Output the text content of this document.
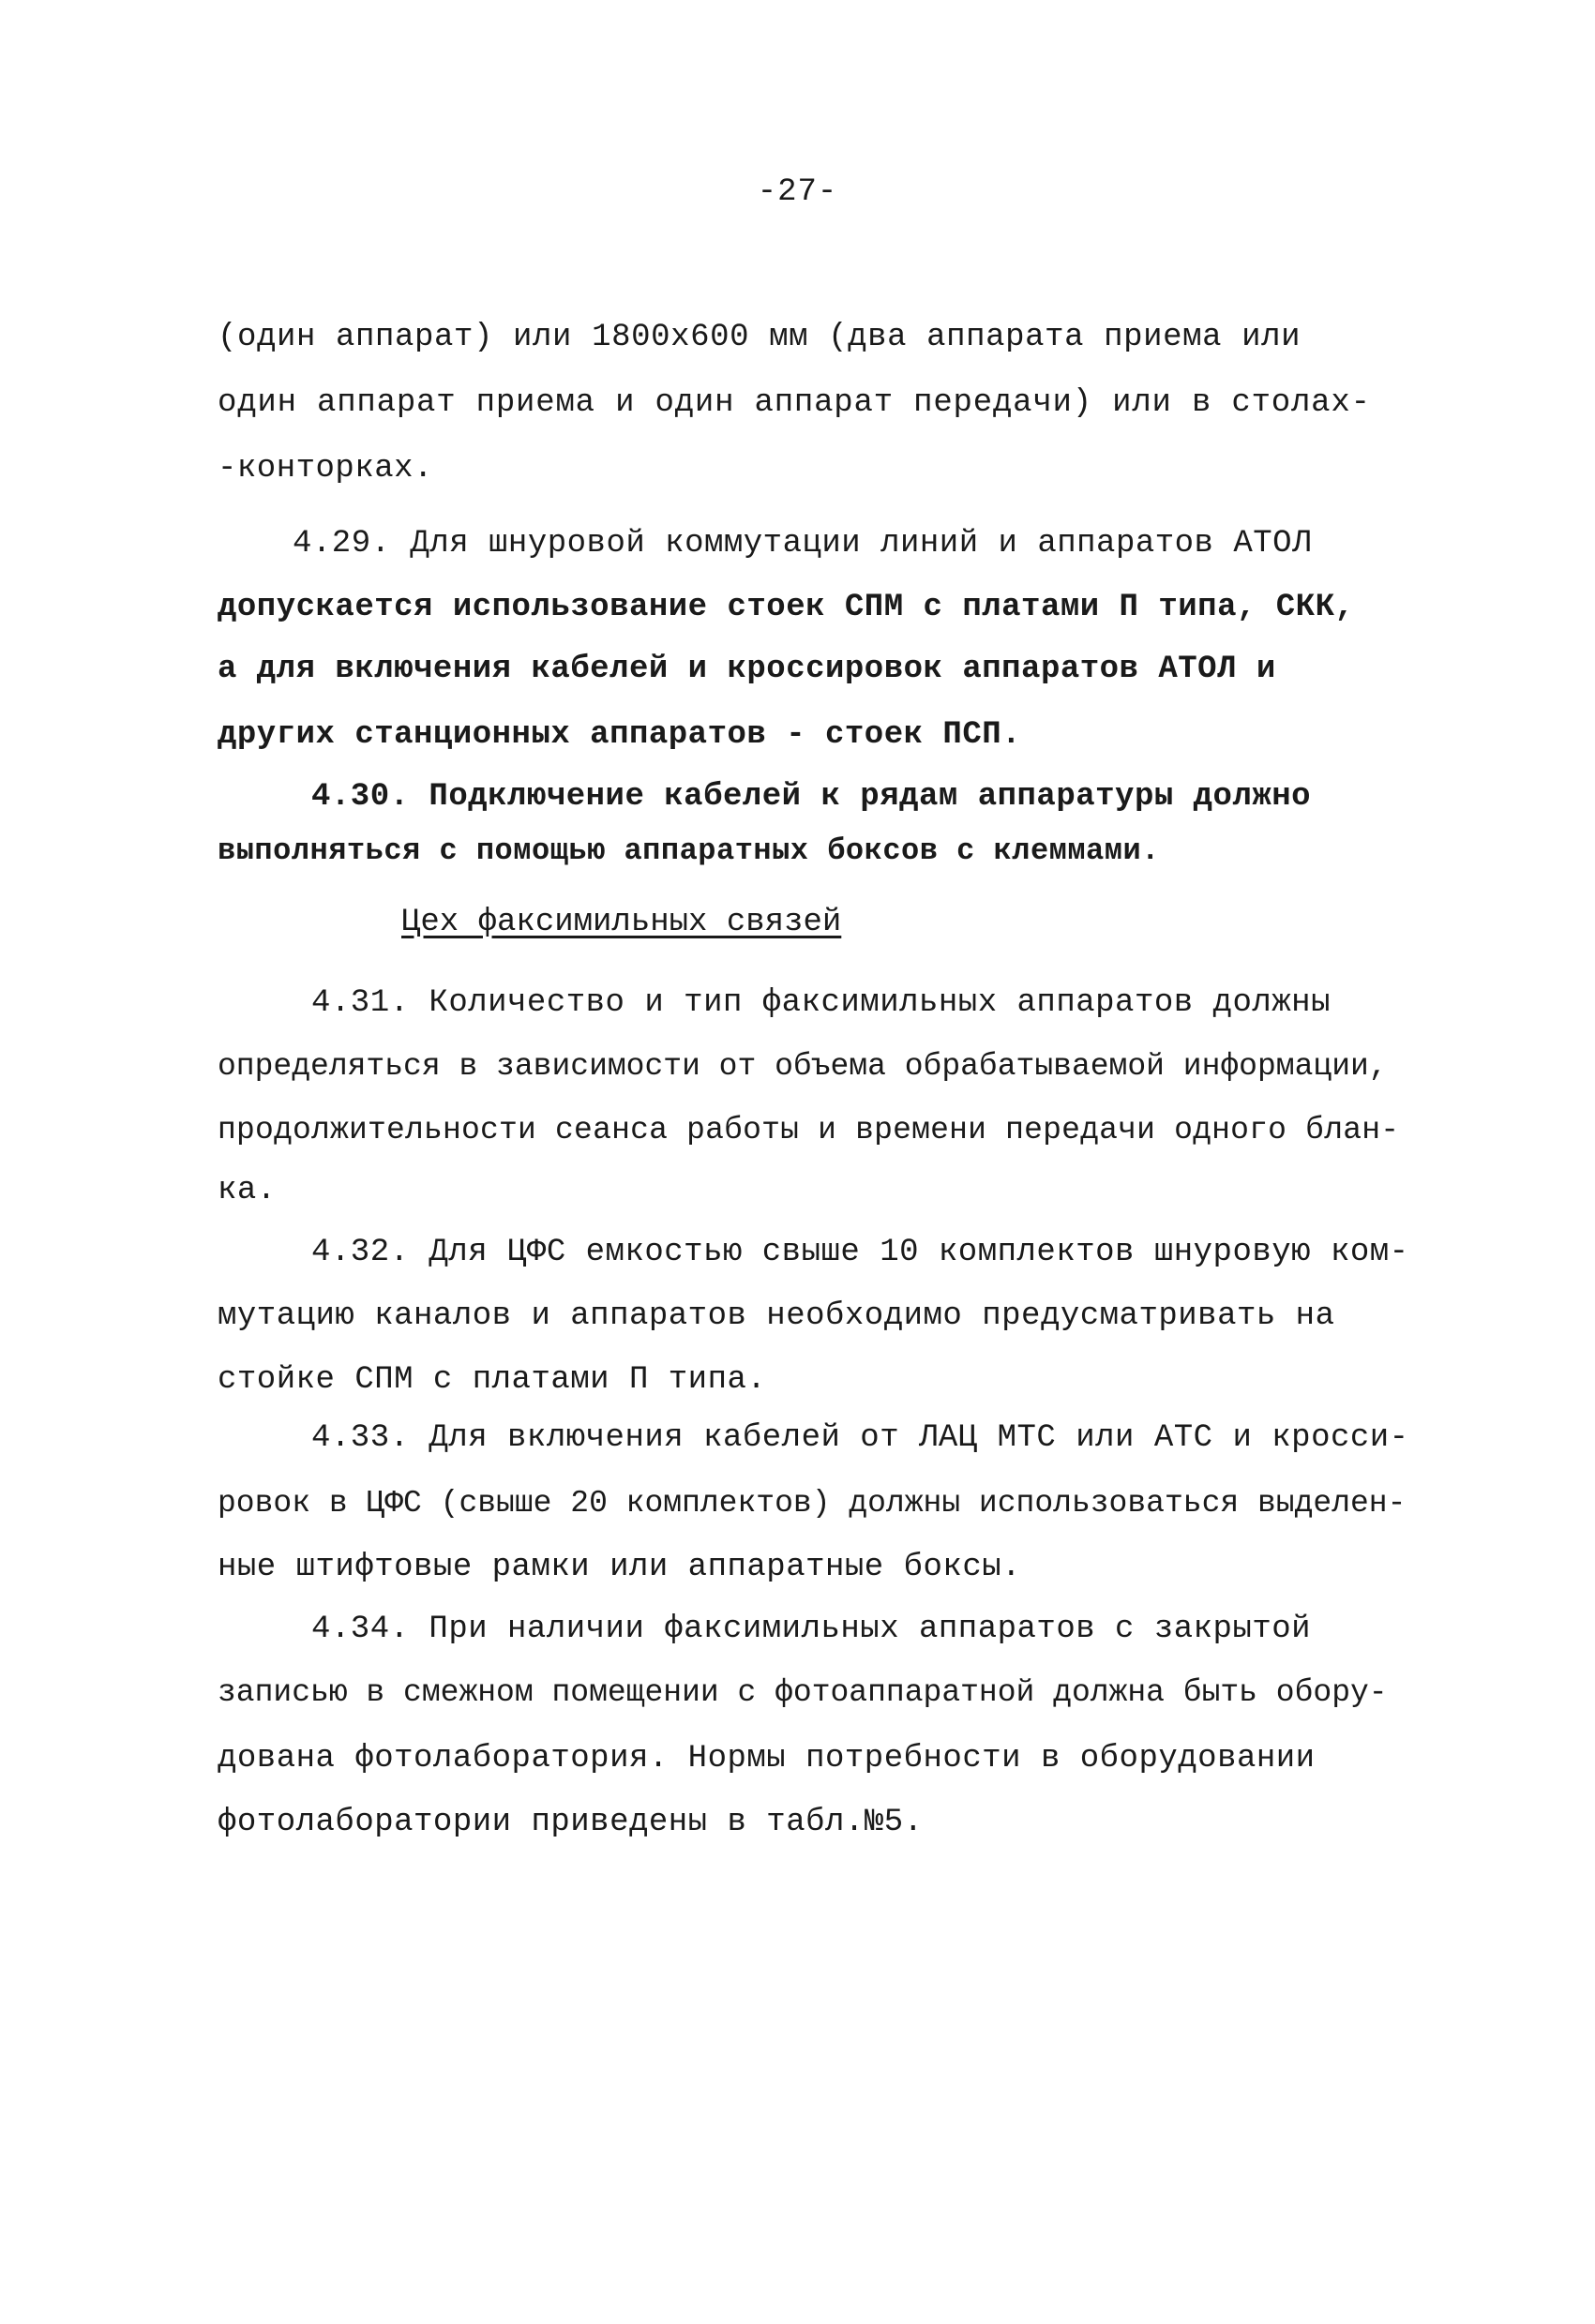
-27-
(один аппарат) или 1800x600 мм (два аппарата приема или
один аппарат приема и один аппарат передачи) или в столах-
-конторках.
4.29. Для шнуровой коммутации линий и аппаратов АТОЛ
допускается использование стоек СПМ с платами П типа, СКК,
а для включения кабелей и кроссировок аппаратов АТОЛ и
других станционных аппаратов - стоек ПСП.
4.30. Подключение кабелей к рядам аппаратуры должно
выполняться с помощью аппаратных боксов с клеммами.
Цех факсимильных связей
4.31. Количество и тип факсимильных аппаратов должны
определяться в зависимости от объема обрабатываемой информации,
продолжительности сеанса работы и времени передачи одного блан-
ка.
4.32. Для ЦФС емкостью свыше 10 комплектов шнуровую ком-
мутацию каналов и аппаратов необходимо предусматривать на
стойке СПМ с платами П типа.
4.33. Для включения кабелей от ЛАЦ МТС или АТС и кросси-
ровок в ЦФС (свыше 20 комплектов) должны использоваться выделен-
ные штифтовые рамки или аппаратные боксы.
4.34. При наличии факсимильных аппаратов с закрытой
записью в смежном помещении с фотоаппаратной должна быть обору-
дована фотолаборатория. Нормы потребности в оборудовании
фотолаборатории приведены в табл.№5.
